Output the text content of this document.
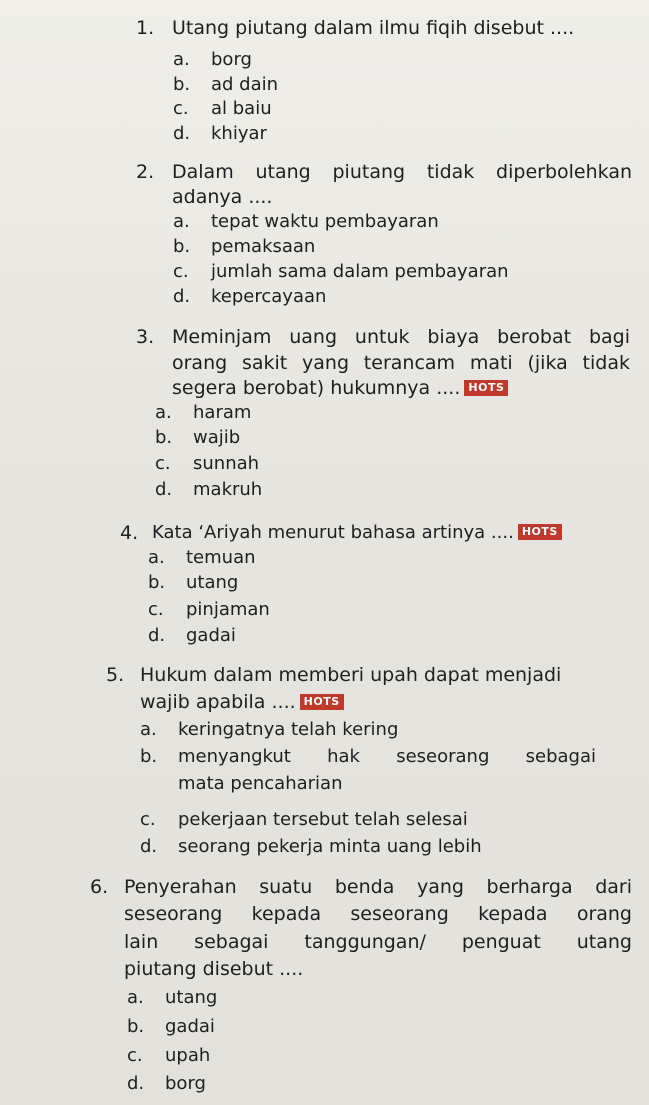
1. Utang piutang dalam ilmu fiqih disebut ....
a. borg
b. ad dain
c. al baiu
d. khiyar
2. Dalam utang piutang tidak diperbolehkan
adanya ....
a. tepat waktu pembayaran
b. pemaksaan
c. jumlah sama dalam pembayaran
d. kepercayaan
3. Meminjam uang untuk biaya berobat bagi
orang sakit yang terancam mati (jika tidak
segera berobat) hukumnya .... HOTS
a. haram
b. wajib
c. sunnah
d. makruh
4. Kata ‘Ariyah menurut bahasa artinya .... HOTS
a. temuan
b. utang
c. pinjaman
d. gadai
5. Hukum dalam memberi upah dapat menjadi
wajib apabila .... HOTS
a. keringatnya telah kering
b. menyangkut hak seseorang sebagai
mata pencaharian
c. pekerjaan tersebut telah selesai
d. seorang pekerja minta uang lebih
6. Penyerahan suatu benda yang berharga dari
seseorang kepada seseorang kepada orang
lain sebagai tanggungan/ penguat utang
piutang disebut ....
a. utang
b. gadai
c. upah
d. borg
